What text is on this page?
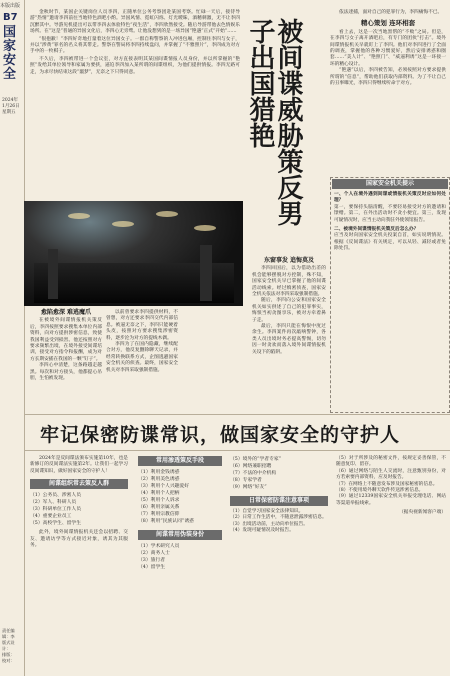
B7
国家安全
2024年
1月26日
星期五
责任编辑：李
版式设计：
排版：
校对：
本版出版

金秋时节，某国企关键岗位人员李四，正随单位公务考察团赴某国考察。忙碌一天后，接待导游“热情”邀请李四前往当地特色酒吧小酌。异国风情、霓虹闪烁、灯光暧昧，酒精刺激，无不让李四沉醉其中。导游见机提出可以带李四去体验特色“夜生活”，李四欣然接受。随后导游带他去色情娱乐场所。在“这是”普通的异国文化后，李四心无旁骛。让他没想到的是一场异国“艳遇”正式“开始”……

“很抱歉！”李四好奇地打量着这位异国女子。一群自称警察的人冲进包厢，控制住李四与女子，并以“涉黄”罪名的名义将其带走。警察在警局将李四持续盘问，并掌握了“不雅照片”，李四成为对方手中的一枚棋子。

不久后，李四被带进一个会议室，对方直接表明其某国间谍情报人员身份，并以所掌握的“艳照”发给其单位领导和家属为要挟，逼迫李四加入某所谓的间谍组织，为他们提供情报。李四无路可走，为求尽快结束这段“噩梦”，无奈之下只得同意。	被间谍威胁策反男子出国猎艳

依法逮捕，面对自己的犯罪行为，李四痛悔不已。

精心策划 连环相套

看上去，这是一次当地黑帮的“不败”之局。但是，在李四与女子离开酒吧后，有专门的团伙“打击”。境外间谍情报机关早就盯上了李四。他们对李四进行了全面的调查，掌握他的各种习惯爱好，然后安排诱惑和圈套……“美人计”、“艳照门”、“威逼利诱”这是一环接一环的精心设计。

“艳遇”以后，李四被告知，必须按照对方要求提供所谓的“信息”，帮助他们获取内部资料。为了不让自己的丑事曝光，李四只得继续听命于对方。

国家安全机关提示

一、个人在境外遇到间谍或情报机关策反时应如何处理？

第一，要保持头脑清醒，不要轻易接受对方的邀请和馈赠。第二，在外出活动时不贪小便宜。第三，发现可疑情况时，应当主动向我驻外使领馆报告。

二、被境外间谍情报机关策反后怎么办？

应当及时向国家安全机关投案自首，如实说明情况。根据《反间谍法》有关规定，可以从轻、减轻或者免除处罚。

愈陷愈深 难逃魔爪

在被境外间谍情报机关策反后，李四按照要求搜集本单位内部资料，向对方提供涉密信息，致使我国利益受到损害。他还按照对方要求频繁出境，在境外接受间谍培训，接受对方指令和报酬，成为对方长期安插在我国的一颗“钉子”。

李四心中清楚，这条路越走越黑。每次和对方接头，他都提心吊胆，生怕被发现。

以前曾要求李四提供材料，不曾想，对方还要求李四交代内部信息。被逼无奈之下，李四只能硬着头皮，按照对方要求搜集涉密资料，逐步沦为对方的提线木偶。

李四为了在国内隐藏，继续配合对方，他反复删除聊天记录，并经常转换联系方式，企图逃避国家安全机关的侦查。最终，国家安全机关对李四采取强制措施。

东窗事发 追悔莫及

李四回国后，以为借助出差的机会能够摆脱对方控制，殊不知，国家安全机关早已掌握了他的间谍活动线索。经过缜密侦查，国家安全机关依法对李四采取强制措施。

随后，李四向公安和国家安全机关如实供述了自己的犯罪事实，悔恨当初贪图享乐，被对方牵着鼻子走。

最后，李四只能在悔恨中度过余生。李四案件再次敲响警钟，各类人员出境时务必提高警惕，切勿因一时贪欢而落入境外间谍情报机关设下的陷阱。

牢记保密防谍常识，做国家安全的守护人

2024年是反间谍法颁布实施第10年，也是新修订的反间谍法实施第2年。让我们一起学习反间谍知识，做好国家安全的守护人！

间谍组织常去策反人群
（1）公务员、涉密人员
（2）军人、科研人员
（3）科研单位工作人员
（4）重要企业员工
（5）高校学生、留学生

此外，境外间谍情报机关还会以招聘、交友、邀请访学等方式接近对象，诱其为其服务。

常用渗透策反手段
（1）利用金钱诱惑
（2）利用美色诱惑
（3）利用个人兴趣爱好
（4）利用个人把柄
（5）利用个人诉求
（6）利用亲属关系
（7）利用宗教信仰
（8）利用“民族认同”诱惑
间谍常用伪装身份
（1）学术研究人员
（2）商务人士
（3）旅行者
（4）留学生
（5）境外的“学者专家”
（6）网络兼职招聘
（7）不法的中介机构
（8）专家学者
（9）网络“好友”
日常保密防谍注意事项

（1）自觉学习国家安全法律知识。

（2）日常工作生活中，不随意泄露涉密信息。

（3）出境活动前，主动向单位报告。

（4）发现可疑情况及时报告。

（5）对于所涉及的秘密文件，按规定妥善保管，不随意复印、留存。

（6）通过网络与陌生人交流时，注意甄别身份，对方若索要内部资料，应及时报告。

（7）在网络上不随意发布涉及国家秘密的信息。

（8）不使用境外聊天软件传送涉密信息。

（9）通过12339国家安全机关举报受理电话、网站等渠道举报线索。

（据央视新闻客户端）
